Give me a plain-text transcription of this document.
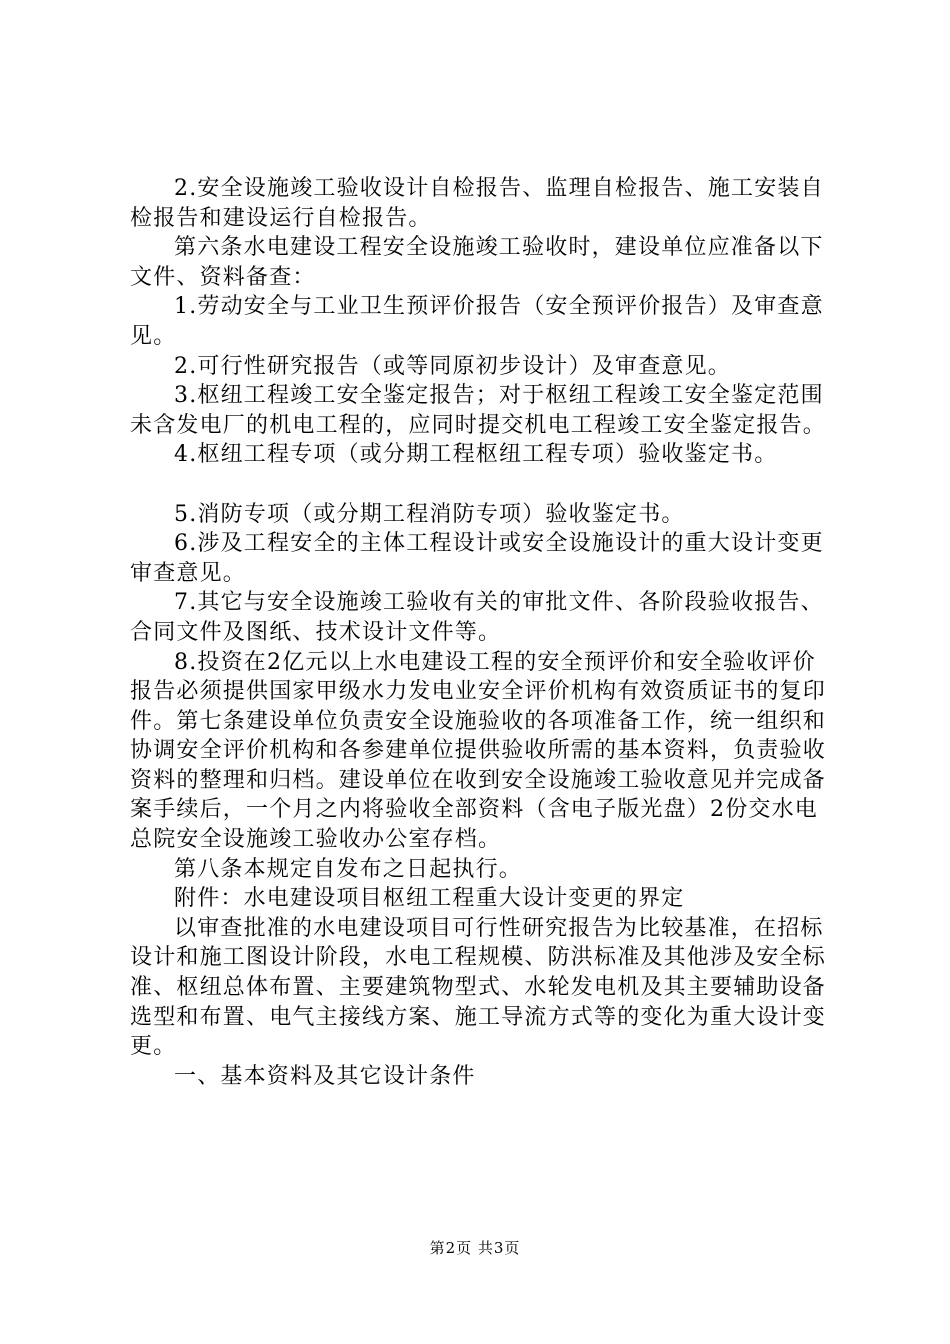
2.安全设施竣工验收设计自检报告、监理自检报告、施工安装自检报告和建设运行自检报告。

第六条水电建设工程安全设施竣工验收时，建设单位应准备以下文件、资料备查：

1.劳动安全与工业卫生预评价报告（安全预评价报告）及审查意见。

2.可行性研究报告（或等同原初步设计）及审查意见。

3.枢纽工程竣工安全鉴定报告；对于枢纽工程竣工安全鉴定范围未含发电厂的机电工程的，应同时提交机电工程竣工安全鉴定报告。

4.枢纽工程专项（或分期工程枢纽工程专项）验收鉴定书。

5.消防专项（或分期工程消防专项）验收鉴定书。

6.涉及工程安全的主体工程设计或安全设施设计的重大设计变更审查意见。

7.其它与安全设施竣工验收有关的审批文件、各阶段验收报告、合同文件及图纸、技术设计文件等。

8.投资在2亿元以上水电建设工程的安全预评价和安全验收评价报告必须提供国家甲级水力发电业安全评价机构有效资质证书的复印件。第七条建设单位负责安全设施验收的各项准备工作，统一组织和协调安全评价机构和各参建单位提供验收所需的基本资料，负责验收资料的整理和归档。建设单位在收到安全设施竣工验收意见并完成备案手续后，一个月之内将验收全部资料（含电子版光盘）2份交水电总院安全设施竣工验收办公室存档。

第八条本规定自发布之日起执行。

附件：水电建设项目枢纽工程重大设计变更的界定

以审查批准的水电建设项目可行性研究报告为比较基准，在招标设计和施工图设计阶段，水电工程规模、防洪标准及其他涉及安全标准、枢纽总体布置、主要建筑物型式、水轮发电机及其主要辅助设备选型和布置、电气主接线方案、施工导流方式等的变化为重大设计变更。

一、基本资料及其它设计条件

第2页 共3页
